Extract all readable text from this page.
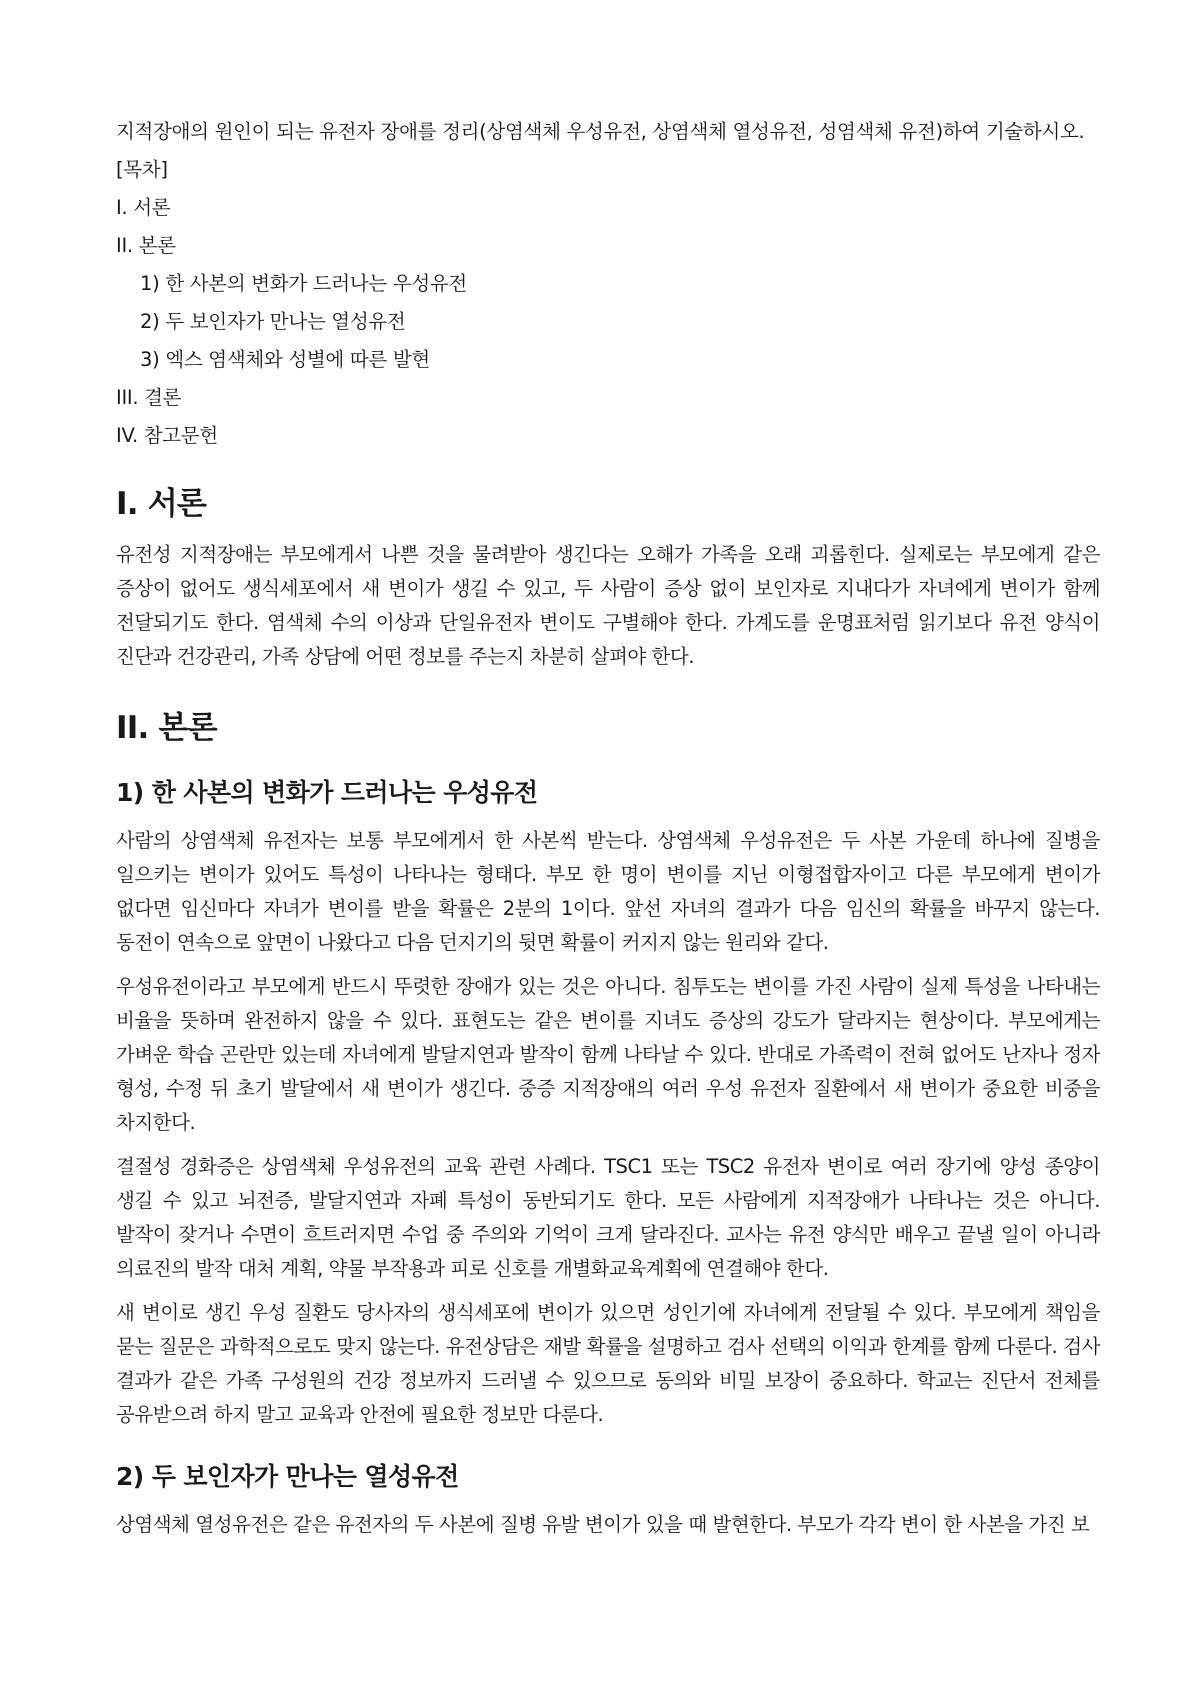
지적장애의 원인이 되는 유전자 장애를 정리(상염색체 우성유전, 상염색체 열성유전, 성염색체 유전)하여 기술하시오.

[목차]
I. 서론
II. 본론
1) 한 사본의 변화가 드러나는 우성유전
2) 두 보인자가 만나는 열성유전
3) 엑스 염색체와 성별에 따른 발현
III. 결론
IV. 참고문헌
I. 서론

유전성 지적장애는 부모에게서 나쁜 것을 물려받아 생긴다는 오해가 가족을 오래 괴롭힌다. 실제로는 부모에게 같은 증상이 없어도 생식세포에서 새 변이가 생길 수 있고, 두 사람이 증상 없이 보인자로 지내다가 자녀에게 변이가 함께 전달되기도 한다. 염색체 수의 이상과 단일유전자 변이도 구별해야 한다. 가계도를 운명표처럼 읽기보다 유전 양식이 진단과 건강관리, 가족 상담에 어떤 정보를 주는지 차분히 살펴야 한다.

II. 본론
1) 한 사본의 변화가 드러나는 우성유전

사람의 상염색체 유전자는 보통 부모에게서 한 사본씩 받는다. 상염색체 우성유전은 두 사본 가운데 하나에 질병을 일으키는 변이가 있어도 특성이 나타나는 형태다. 부모 한 명이 변이를 지닌 이형접합자이고 다른 부모에게 변이가 없다면 임신마다 자녀가 변이를 받을 확률은 2분의 1이다. 앞선 자녀의 결과가 다음 임신의 확률을 바꾸지 않는다. 동전이 연속으로 앞면이 나왔다고 다음 던지기의 뒷면 확률이 커지지 않는 원리와 같다.

우성유전이라고 부모에게 반드시 뚜렷한 장애가 있는 것은 아니다. 침투도는 변이를 가진 사람이 실제 특성을 나타내는 비율을 뜻하며 완전하지 않을 수 있다. 표현도는 같은 변이를 지녀도 증상의 강도가 달라지는 현상이다. 부모에게는 가벼운 학습 곤란만 있는데 자녀에게 발달지연과 발작이 함께 나타날 수 있다. 반대로 가족력이 전혀 없어도 난자나 정자 형성, 수정 뒤 초기 발달에서 새 변이가 생긴다. 중증 지적장애의 여러 우성 유전자 질환에서 새 변이가 중요한 비중을 차지한다.

결절성 경화증은 상염색체 우성유전의 교육 관련 사례다. TSC1 또는 TSC2 유전자 변이로 여러 장기에 양성 종양이 생길 수 있고 뇌전증, 발달지연과 자폐 특성이 동반되기도 한다. 모든 사람에게 지적장애가 나타나는 것은 아니다. 발작이 잦거나 수면이 흐트러지면 수업 중 주의와 기억이 크게 달라진다. 교사는 유전 양식만 배우고 끝낼 일이 아니라 의료진의 발작 대처 계획, 약물 부작용과 피로 신호를 개별화교육계획에 연결해야 한다.

새 변이로 생긴 우성 질환도 당사자의 생식세포에 변이가 있으면 성인기에 자녀에게 전달될 수 있다. 부모에게 책임을 묻는 질문은 과학적으로도 맞지 않는다. 유전상담은 재발 확률을 설명하고 검사 선택의 이익과 한계를 함께 다룬다. 검사 결과가 같은 가족 구성원의 건강 정보까지 드러낼 수 있으므로 동의와 비밀 보장이 중요하다. 학교는 진단서 전체를 공유받으려 하지 말고 교육과 안전에 필요한 정보만 다룬다.

2) 두 보인자가 만나는 열성유전

상염색체 열성유전은 같은 유전자의 두 사본에 질병 유발 변이가 있을 때 발현한다. 부모가 각각 변이 한 사본을 가진 보
